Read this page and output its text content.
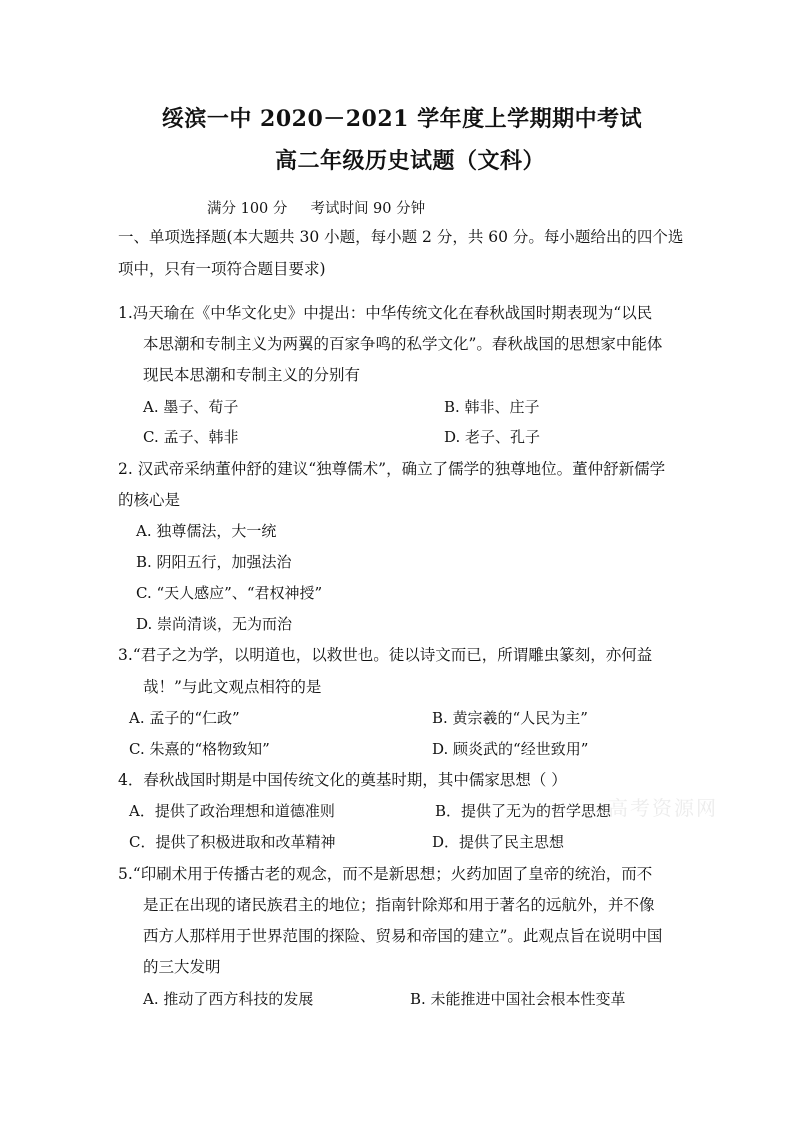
绥滨一中 2020－2021 学年度上学期期中考试
高二年级历史试题（文科）
满分 100 分     考试时间 90 分钟
一、单项选择题(本大题共 30 小题，每小题 2 分，共 60 分。每小题给出的四个选
项中，只有一项符合题目要求)
1.冯天瑜在《中华文化史》中提出：中华传统文化在春秋战国时期表现为“以民
本思潮和专制主义为两翼的百家争鸣的私学文化”。春秋战国的思想家中能体
现民本思潮和专制主义的分别有
A. 墨子、荀子	B. 韩非、庄子
C. 孟子、韩非	D. 老子、孔子
2. 汉武帝采纳董仲舒的建议“独尊儒术”，确立了儒学的独尊地位。董仲舒新儒学
的核心是
A. 独尊儒法，大一统
B. 阴阳五行，加强法治
C. “天人感应”、“君权神授”
D. 崇尚清谈，无为而治
3.“君子之为学，以明道也，以救世也。徒以诗文而已，所谓雕虫篆刻，亦何益
哉！”与此文观点相符的是
A. 孟子的“仁政”	B. 黄宗羲的“人民为主”
C. 朱熹的“格物致知”	D. 顾炎武的“经世致用”
4．春秋战国时期是中国传统文化的奠基时期，其中儒家思想（ ）
A．提供了政治理想和道德准则	B．提供了无为的哲学思想
C．提供了积极进取和改革精神	D．提供了民主思想
5.“印刷术用于传播古老的观念，而不是新思想；火药加固了皇帝的统治，而不
是正在出现的诸民族君主的地位；指南针除郑和用于著名的远航外，并不像
西方人那样用于世界范围的探险、贸易和帝国的建立”。此观点旨在说明中国
的三大发明
A. 推动了西方科技的发展	B. 未能推进中国社会根本性变革
高考资源网
